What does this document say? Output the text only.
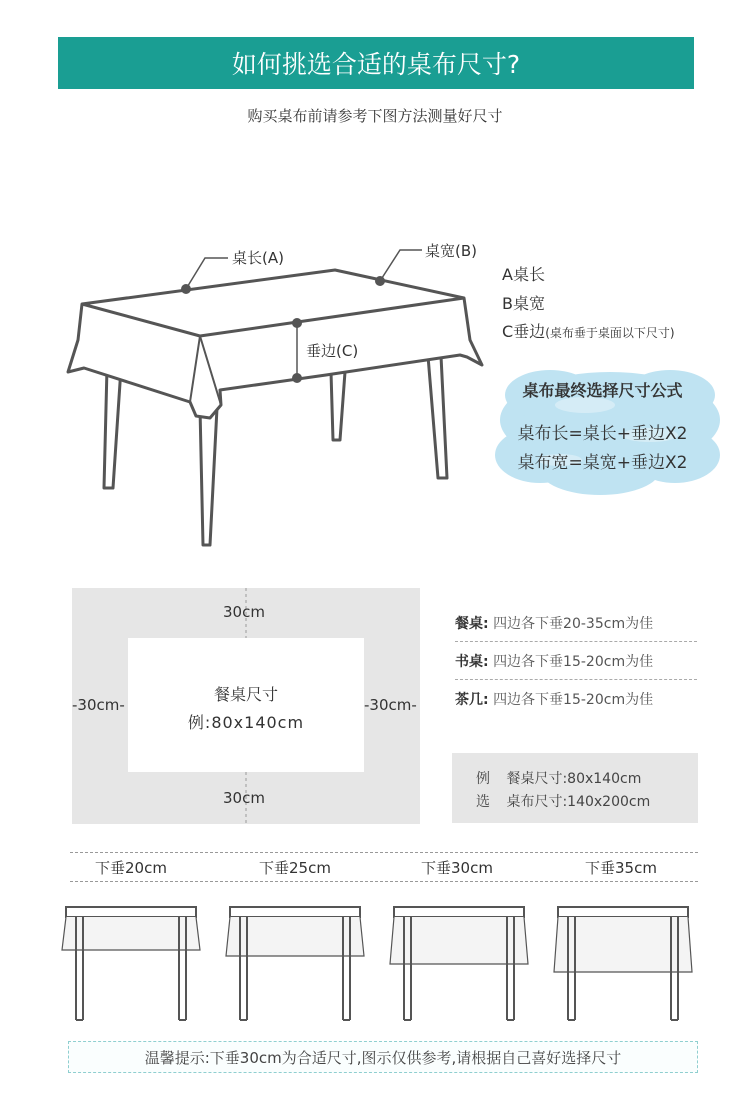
如何挑选合适的桌布尺寸?
购买桌布前请参考下图方法测量好尺寸
桌长(A)	桌宽(B)
垂边(C)
A桌长
B桌宽
C垂边(桌布垂于桌面以下尺寸)
桌布最终选择尺寸公式
桌布长=桌长+垂边X2
桌布宽=桌宽+垂边X2
30cm
30cm
-30cm-	-30cm-
餐桌尺寸
例:80x140cm
餐桌: 四边各下垂20-35cm为佳
书桌: 四边各下垂15-20cm为佳
茶几: 四边各下垂15-20cm为佳
例 餐桌尺寸:80x140cm
选 桌布尺寸:140x200cm
下垂20cm	下垂25cm	下垂30cm	下垂35cm
温馨提示:下垂30cm为合适尺寸,图示仅供参考,请根据自己喜好选择尺寸
